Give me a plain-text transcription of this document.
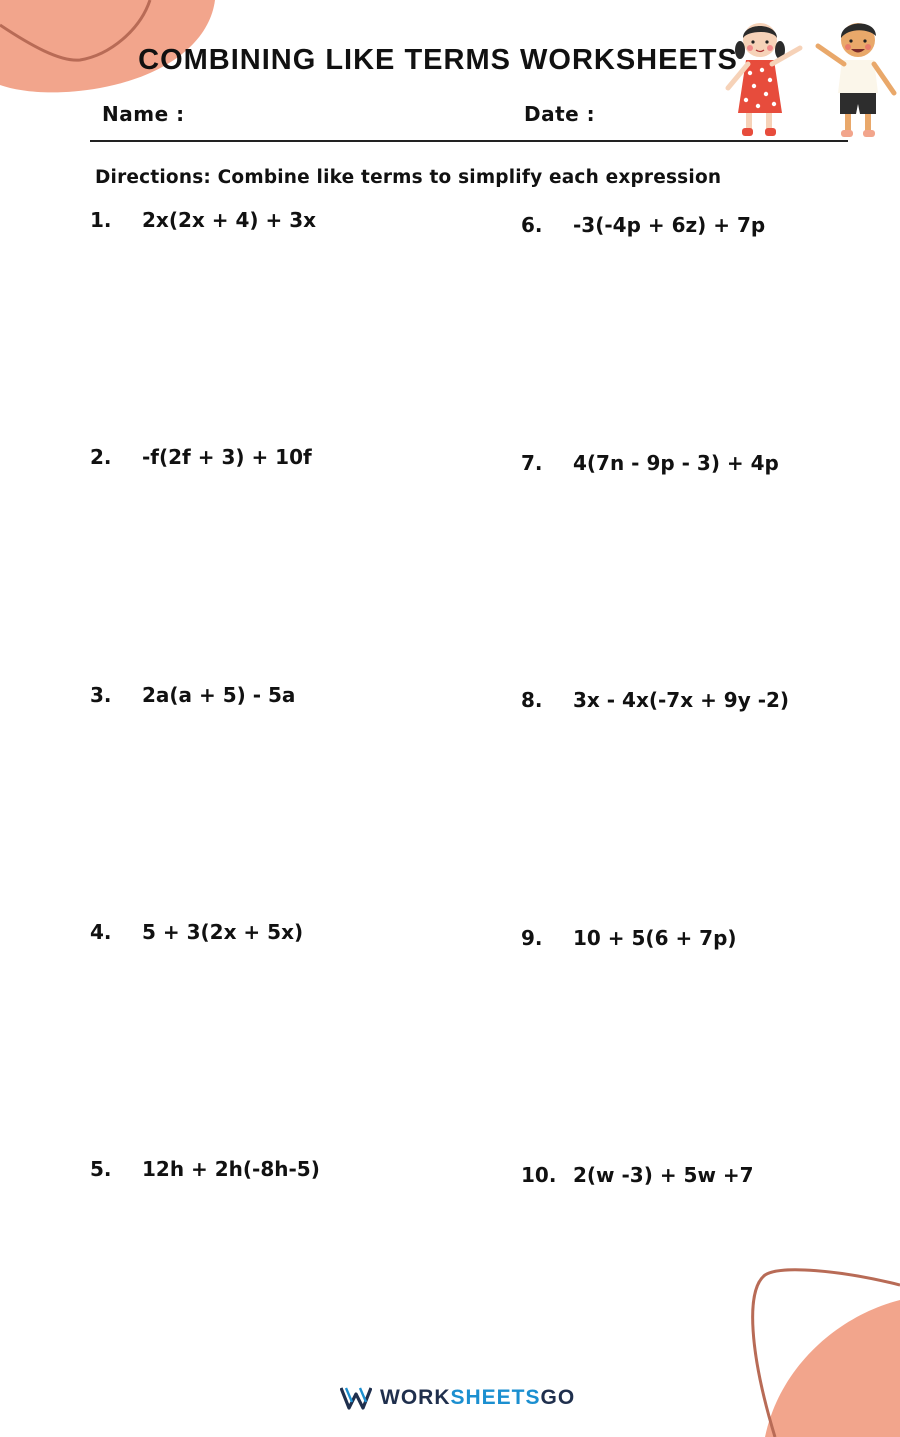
COMBINING LIKE TERMS WORKSHEETS
Name :	Date :
Directions: Combine like terms to simplify each expression
1. 2x(2x + 4) + 3x
2. -f(2f + 3) + 10f
3. 2a(a + 5) - 5a
4. 5 + 3(2x + 5x)
5. 12h + 2h(-8h-5)
6. -3(-4p + 6z) + 7p
7. 4(7n - 9p - 3) + 4p
8. 3x - 4x(-7x + 9y -2)
9. 10 + 5(6 + 7p)
10. 2(w -3) + 5w +7
WORKSHEETSGO
